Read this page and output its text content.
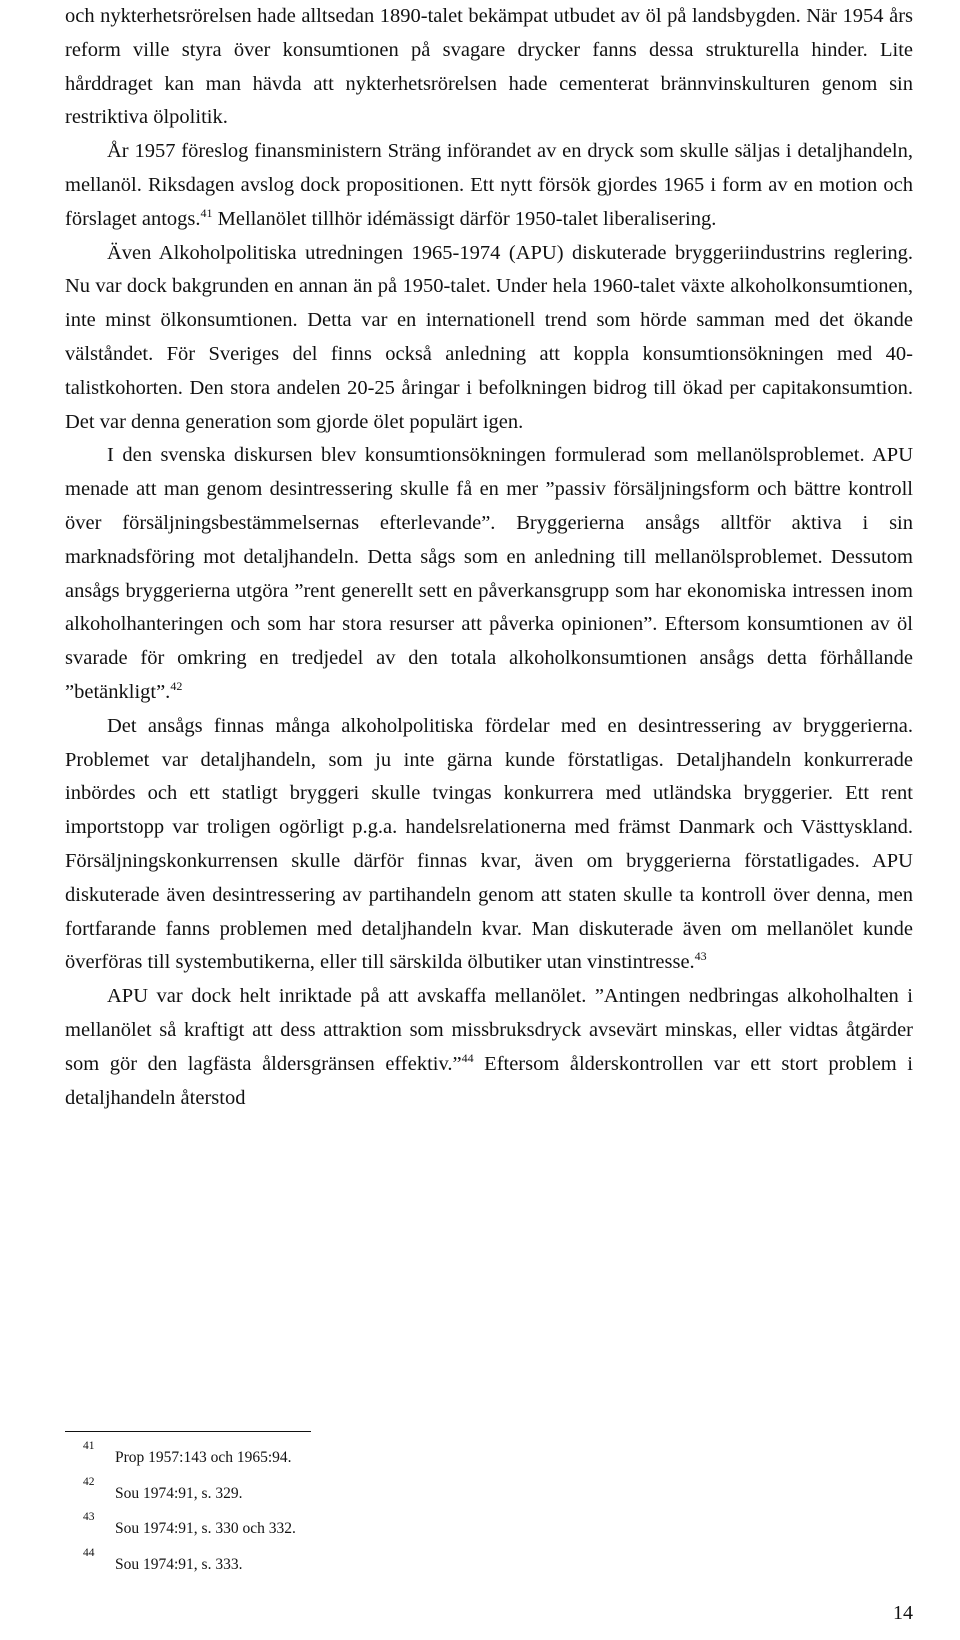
och nykterhetsrörelsen hade alltsedan 1890-talet bekämpat utbudet av öl på landsbygden. När 1954 års reform ville styra över konsumtionen på svagare drycker fanns dessa strukturella hinder. Lite hårddraget kan man hävda att nykterhetsrörelsen hade cementerat brännvinskulturen genom sin restriktiva ölpolitik.

År 1957 föreslog finansministern Sträng införandet av en dryck som skulle säljas i detaljhandeln, mellanöl. Riksdagen avslog dock propositionen. Ett nytt försök gjordes 1965 i form av en motion och förslaget antogs.$^{41}$ Mellanölet tillhör idémässigt därför 1950-talet liberalisering.

Även Alkoholpolitiska utredningen 1965-1974 (APU) diskuterade bryggeriindustrins reglering. Nu var dock bakgrunden en annan än på 1950-talet. Under hela 1960-talet växte alkoholkonsumtionen, inte minst ölkonsumtionen. Detta var en internationell trend som hörde samman med det ökande välståndet. För Sveriges del finns också anledning att koppla konsumtionsökningen med 40-talistkohorten. Den stora andelen 20-25 åringar i befolkningen bidrog till ökad per capitakonsumtion. Det var denna generation som gjorde ölet populärt igen.

I den svenska diskursen blev konsumtionsökningen formulerad som mellanölsproblemet. APU menade att man genom desintressering skulle få en mer ”passiv försäljningsform och bättre kontroll över försäljningsbestämmelsernas efterlevande”. Bryggerierna ansågs alltför aktiva i sin marknadsföring mot detaljhandeln. Detta sågs som en anledning till mellanölsproblemet. Dessutom ansågs bryggerierna utgöra ”rent generellt sett en påverkansgrupp som har ekonomiska intressen inom alkoholhanteringen och som har stora resurser att påverka opinionen”. Eftersom konsumtionen av öl svarade för omkring en tredjedel av den totala alkoholkonsumtionen ansågs detta förhållande ”betänkligt”.$^{42}$

Det ansågs finnas många alkoholpolitiska fördelar med en desintressering av bryggerierna. Problemet var detaljhandeln, som ju inte gärna kunde förstatligas. Detaljhandeln konkurrerade inbördes och ett statligt bryggeri skulle tvingas konkurrera med utländska bryggerier. Ett rent importstopp var troligen ogörligt p.g.a. handelsrelationerna med främst Danmark och Västtyskland. Försäljningskonkurrensen skulle därför finnas kvar, även om bryggerierna förstatligades. APU diskuterade även desintressering av partihandeln genom att staten skulle ta kontroll över denna, men fortfarande fanns problemen med detaljhandeln kvar. Man diskuterade även om mellanölet kunde överföras till systembutikerna, eller till särskilda ölbutiker utan vinstintresse.$^{43}$

APU var dock helt inriktade på att avskaffa mellanölet. ”Antingen nedbringas alkoholhalten i mellanölet så kraftigt att dess attraktion som missbruksdryck avsevärt minskas, eller vidtas åtgärder som gör den lagfästa åldersgränsen effektiv.”$^{44}$ Eftersom ålderskontrollen var ett stort problem i detaljhandeln återstod

41
Prop 1957:143 och 1965:94.
42
Sou 1974:91, s. 329.
43
Sou 1974:91, s. 330 och 332.
44
Sou 1974:91, s. 333.
14
